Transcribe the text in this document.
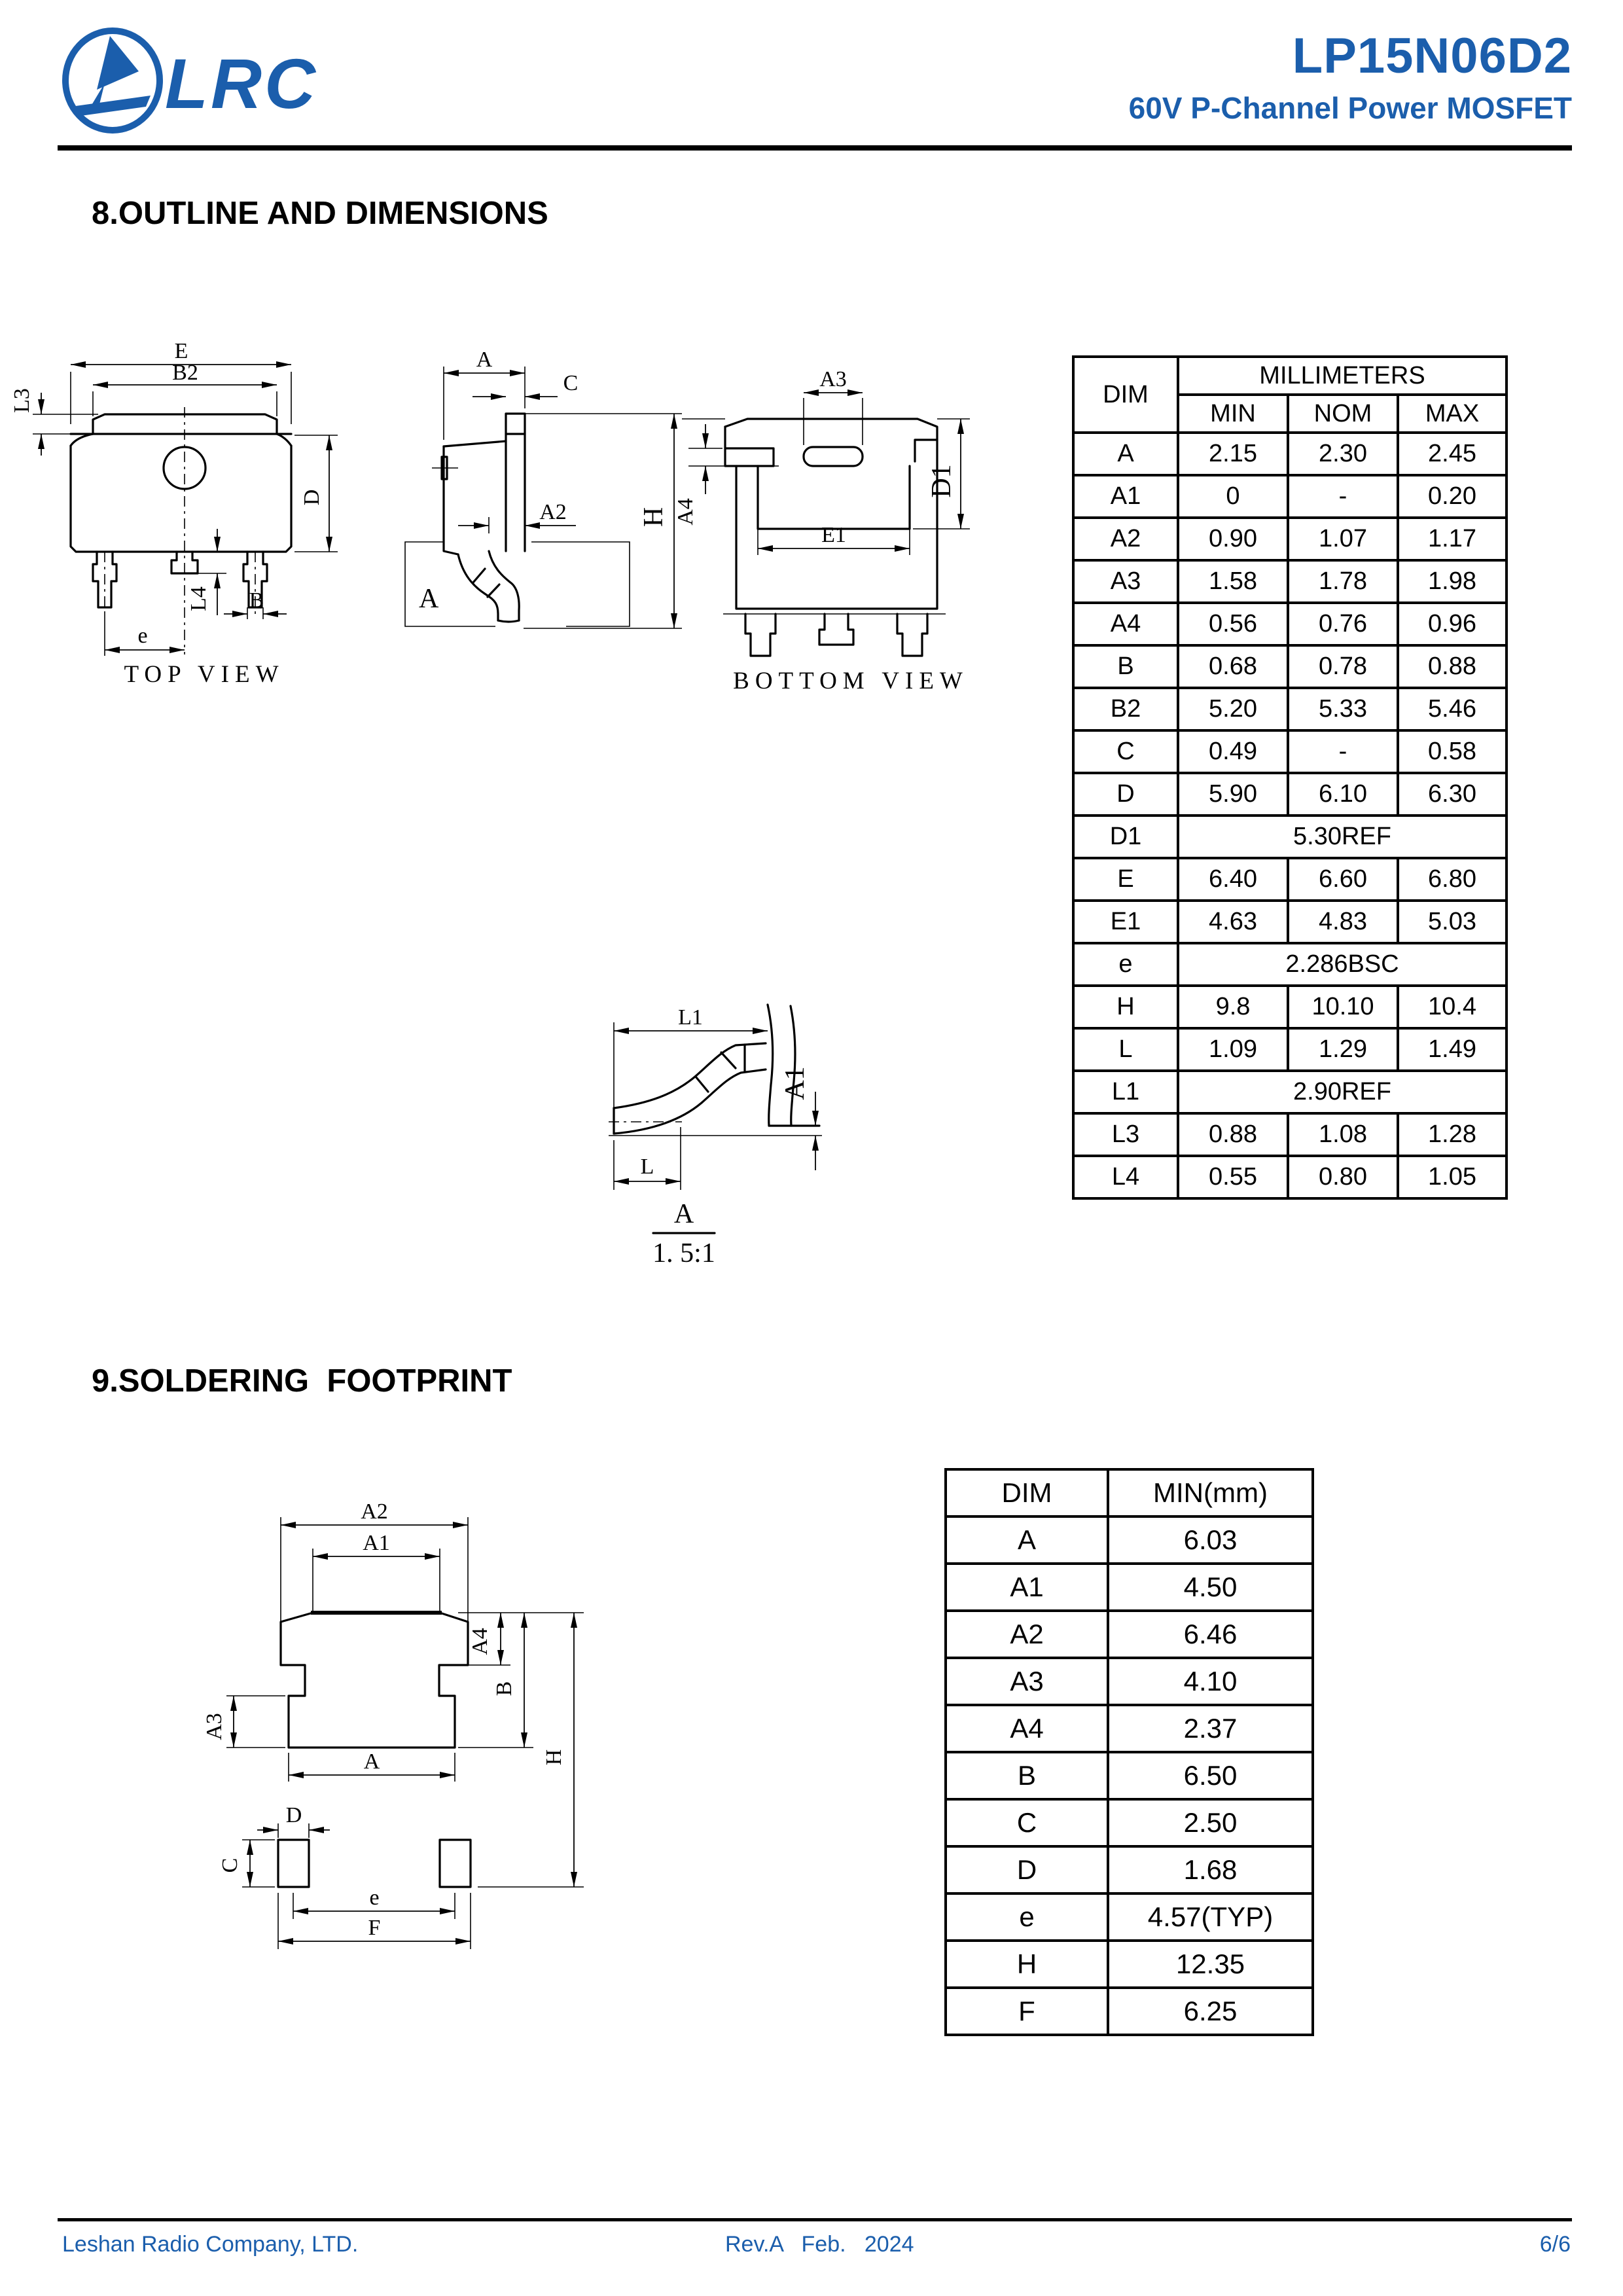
LRC	LP15N06D2
60V P-Channel Power MOSFET
8.OUTLINE AND DIMENSIONS
E
B2
L3
D
L4 B
e
TOP VIEW
A
C
A2	H
A
A3
A4
D1
E1
BOTTOM VIEW
L1
A1
L
A
1. 5:1
DIM	MILLIMETERS		
	MIN	NOM	MAX
A	2.15	2.30	2.45
A1	0	-	0.20
A2	0.90	1.07	1.17
A3	1.58	1.78	1.98
A4	0.56	0.76	0.96
B	0.68	0.78	0.88
B2	5.20	5.33	5.46
C	0.49	-	0.58
D	5.90	6.10	6.30
D1	5.30REF		
E	6.40	6.60	6.80
E1	4.63	4.83	5.03
e	2.286BSC		
H	9.8	10.10	10.4
L	1.09	1.29	1.49
L1	2.90REF		
L3	0.88	1.08	1.28
L4	0.55	0.80	1.05
9.SOLDERING  FOOTPRINT
A2
A1
A4
B
H
A3
A
D
C
e
F
DIM	MIN(mm)
A	6.03
A1	4.50
A2	6.46
A3	4.10
A4	2.37
B	6.50
C	2.50
D	1.68
e	4.57(TYP)
H	12.35
F	6.25
Leshan Radio Company, LTD.	Rev.A   Feb.   2024	6/6
